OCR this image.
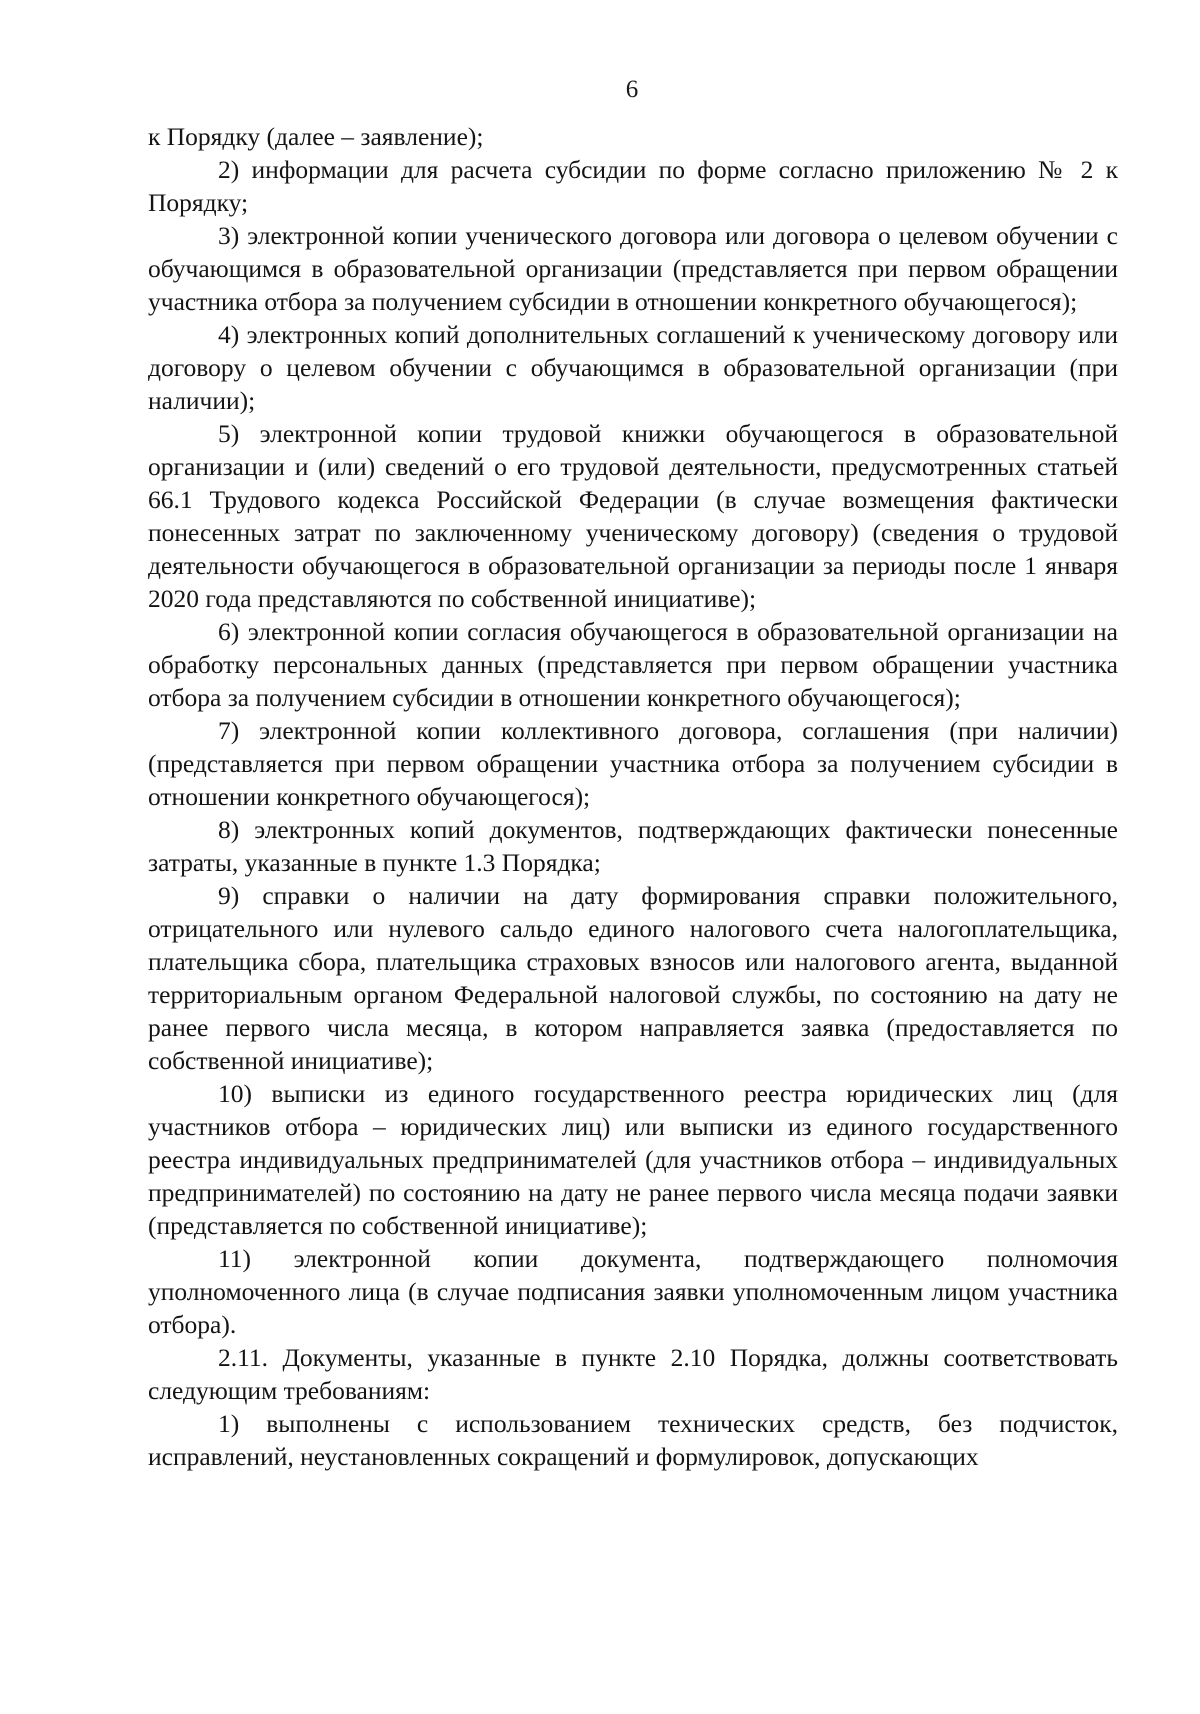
6

к Порядку (далее – заявление);

2) информации для расчета субсидии по форме согласно приложению № 2 к Порядку;

3) электронной копии ученического договора или договора о целевом обучении с обучающимся в образовательной организации (представляется при первом обращении участника отбора за получением субсидии в отношении конкретного обучающегося);

4) электронных копий дополнительных соглашений к ученическому договору или договору о целевом обучении с обучающимся в образовательной организации (при наличии);

5) электронной копии трудовой книжки обучающегося в образовательной организации и (или) сведений о его трудовой деятельности, предусмотренных статьей 66.1 Трудового кодекса Российской Федерации (в случае возмещения фактически понесенных затрат по заключенному ученическому договору) (сведения о трудовой деятельности обучающегося в образовательной организации за периоды после 1 января 2020 года представляются по собственной инициативе);

6) электронной копии согласия обучающегося в образовательной организации на обработку персональных данных (представляется при первом обращении участника отбора за получением субсидии в отношении конкретного обучающегося);

7) электронной копии коллективного договора, соглашения (при наличии) (представляется при первом обращении участника отбора за получением субсидии в отношении конкретного обучающегося);

8) электронных копий документов, подтверждающих фактически понесенные затраты, указанные в пункте 1.3 Порядка;

9) справки о наличии на дату формирования справки положительного, отрицательного или нулевого сальдо единого налогового счета налогоплательщика, плательщика сбора, плательщика страховых взносов или налогового агента, выданной территориальным органом Федеральной налоговой службы, по состоянию на дату не ранее первого числа месяца, в котором направляется заявка (предоставляется по собственной инициативе);

10) выписки из единого государственного реестра юридических лиц (для участников отбора – юридических лиц) или выписки из единого государственного реестра индивидуальных предпринимателей (для участников отбора – индивидуальных предпринимателей) по состоянию на дату не ранее первого числа месяца подачи заявки (представляется по собственной инициативе);

11) электронной копии документа, подтверждающего полномочия уполномоченного лица (в случае подписания заявки уполномоченным лицом участника отбора).

2.11. Документы, указанные в пункте 2.10 Порядка, должны соответствовать следующим требованиям:

1) выполнены с использованием технических средств, без подчисток, исправлений, неустановленных сокращений и формулировок, допускающих
